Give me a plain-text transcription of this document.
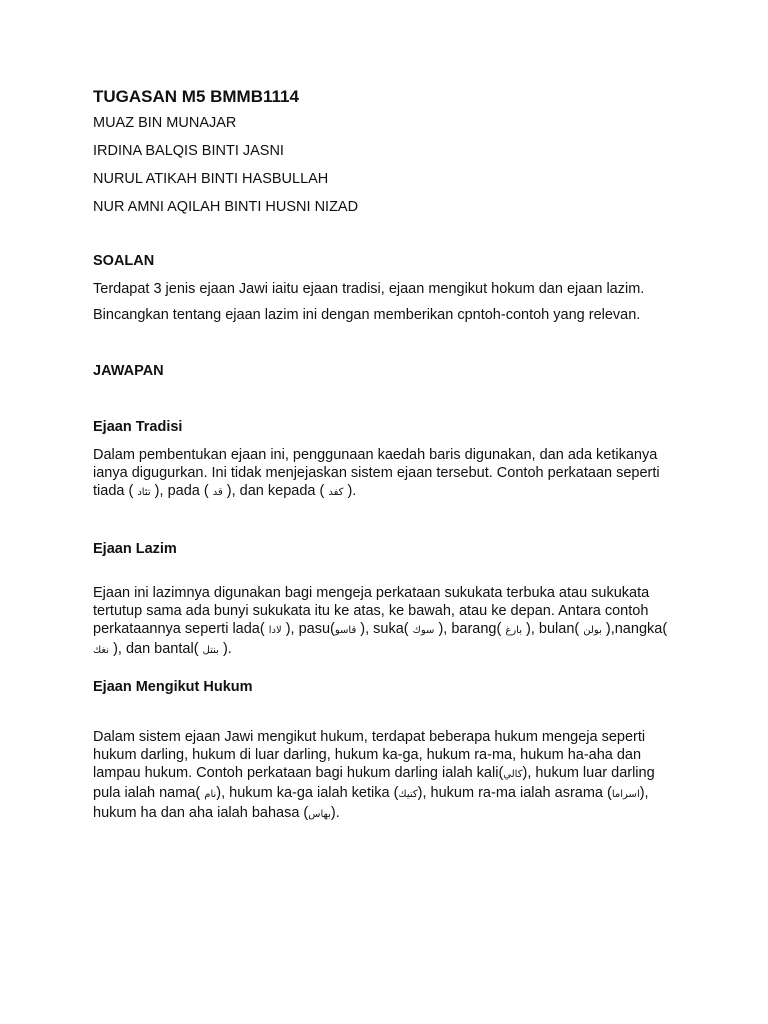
TUGASAN M5 BMMB1114
MUAZ BIN MUNAJAR
IRDINA BALQIS BINTI JASNI
NURUL ATIKAH BINTI HASBULLAH
NUR AMNI AQILAH BINTI HUSNI NIZAD
SOALAN

Terdapat 3 jenis ejaan Jawi iaitu ejaan tradisi, ejaan mengikut hokum dan ejaan lazim.

Bincangkan tentang ejaan lazim ini dengan memberikan cpntoh-contoh yang relevan.

JAWAPAN
Ejaan Tradisi

Dalam pembentukan ejaan ini, penggunaan kaedah baris digunakan, dan ada ketikanya ianya digugurkan. Ini tidak menjejaskan sistem ejaan tersebut. Contoh perkataan seperti tiada ( تئاد ), pada ( قد ), dan kepada ( كفد ).

Ejaan Lazim

Ejaan ini lazimnya digunakan bagi mengeja perkataan sukukata terbuka atau sukukata tertutup sama ada bunyi sukukata itu ke atas, ke bawah, atau ke depan. Antara contoh perkataannya seperti lada( لادا ), pasu(قاسو ), suka( سوك ), barang( بارغ ), bulan( بولن ),nangka( نغك ), dan bantal( بنتل ).

Ejaan Mengikut Hukum

Dalam sistem ejaan Jawi mengikut hukum, terdapat beberapa hukum mengeja seperti hukum darling, hukum di luar darling, hukum ka-ga, hukum ra-ma, hukum ha-aha dan lampau hukum. Contoh perkataan bagi hukum darling ialah kali(كالي), hukum luar darling pula ialah nama( نام), hukum ka-ga ialah ketika (كتيك), hukum ra-ma ialah asrama (اسراما), hukum ha dan aha ialah bahasa (بهاس).
